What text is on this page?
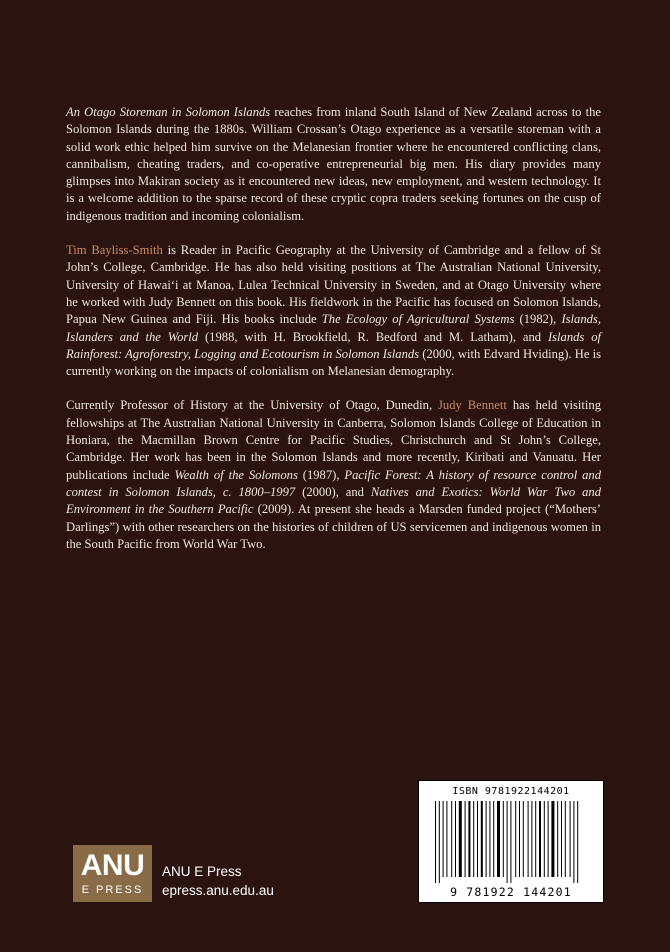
An Otago Storeman in Solomon Islands reaches from inland South Island of New Zealand across to the Solomon Islands during the 1880s. William Crossan’s Otago experience as a versatile storeman with a solid work ethic helped him survive on the Melanesian frontier where he encountered conflicting clans, cannibalism, cheating traders, and co-operative entrepreneurial big men. His diary provides many glimpses into Makiran society as it encountered new ideas, new employment, and western technology. It is a welcome addition to the sparse record of these cryptic copra traders seeking fortunes on the cusp of indigenous tradition and incoming colonialism.

Tim Bayliss-Smith is Reader in Pacific Geography at the University of Cambridge and a fellow of St John’s College, Cambridge. He has also held visiting positions at The Australian National University, University of Hawai‘i at Manoa, Lulea Technical University in Sweden, and at Otago University where he worked with Judy Bennett on this book. His fieldwork in the Pacific has focused on Solomon Islands, Papua New Guinea and Fiji. His books include The Ecology of Agricultural Systems (1982), Islands, Islanders and the World (1988, with H. Brookfield, R. Bedford and M. Latham), and Islands of Rainforest: Agroforestry, Logging and Ecotourism in Solomon Islands (2000, with Edvard Hviding). He is currently working on the impacts of colonialism on Melanesian demography.

Currently Professor of History at the University of Otago, Dunedin, Judy Bennett has held visiting fellowships at The Australian National University in Canberra, Solomon Islands College of Education in Honiara, the Macmillan Brown Centre for Pacific Studies, Christchurch and St John’s College, Cambridge. Her work has been in the Solomon Islands and more recently, Kiribati and Vanuatu. Her publications include Wealth of the Solomons (1987), Pacific Forest: A history of resource control and contest in Solomon Islands, c. 1800–1997 (2000), and Natives and Exotics: World War Two and Environment in the Southern Pacific (2009). At present she heads a Marsden funded project (“Mothers’ Darlings”) with other researchers on the histories of children of US servicemen and indigenous women in the South Pacific from World War Two.

ISBN 9781922144201
9 781922 144201
ANU
E PRESS
ANU E Press
epress.anu.edu.au
